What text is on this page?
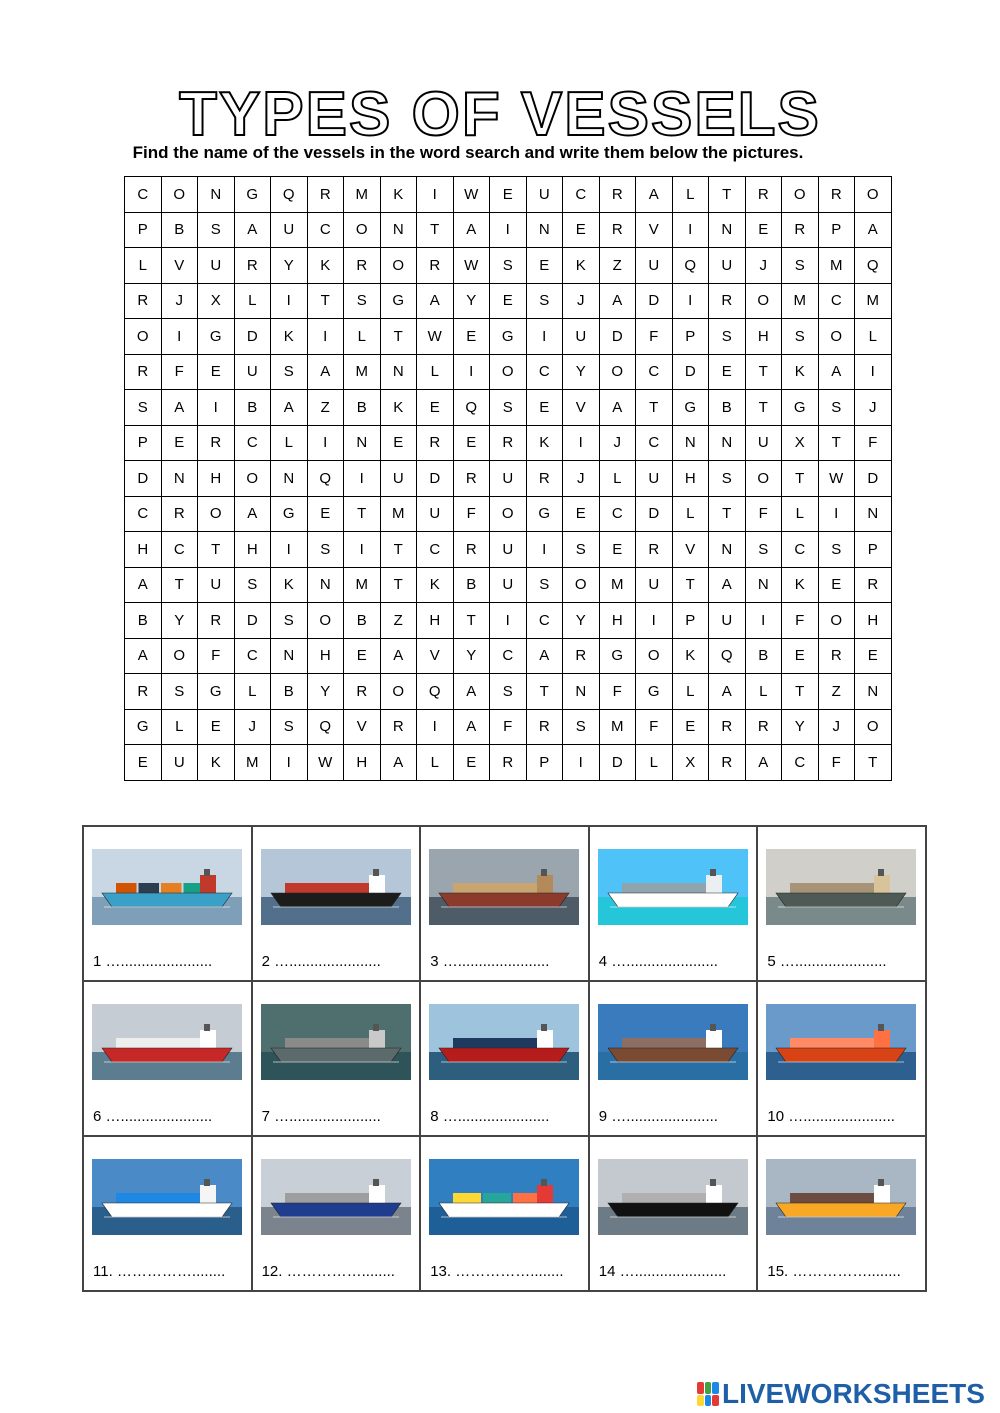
TYPES OF VESSELS
Find the name of the vessels in the word search and write them below the pictures.
C	O	N	G	Q	R	M	K	I	W	E	U	C	R	A	L	T	R	O	R	O
P	B	S	A	U	C	O	N	T	A	I	N	E	R	V	I	N	E	R	P	A
L	V	U	R	Y	K	R	O	R	W	S	E	K	Z	U	Q	U	J	S	M	Q
R	J	X	L	I	T	S	G	A	Y	E	S	J	A	D	I	R	O	M	C	M
O	I	G	D	K	I	L	T	W	E	G	I	U	D	F	P	S	H	S	O	L
R	F	E	U	S	A	M	N	L	I	O	C	Y	O	C	D	E	T	K	A	I
S	A	I	B	A	Z	B	K	E	Q	S	E	V	A	T	G	B	T	G	S	J
P	E	R	C	L	I	N	E	R	E	R	K	I	J	C	N	N	U	X	T	F
D	N	H	O	N	Q	I	U	D	R	U	R	J	L	U	H	S	O	T	W	D
C	R	O	A	G	E	T	M	U	F	O	G	E	C	D	L	T	F	L	I	N
H	C	T	H	I	S	I	T	C	R	U	I	S	E	R	V	N	S	C	S	P
A	T	U	S	K	N	M	T	K	B	U	S	O	M	U	T	A	N	K	E	R
B	Y	R	D	S	O	B	Z	H	T	I	C	Y	H	I	P	U	I	F	O	H
A	O	F	C	N	H	E	A	V	Y	C	A	R	G	O	K	Q	B	E	R	E
R	S	G	L	B	Y	R	O	Q	A	S	T	N	F	G	L	A	L	T	Z	N
G	L	E	J	S	Q	V	R	I	A	F	R	S	M	F	E	R	R	Y	J	O
E	U	K	M	I	W	H	A	L	E	R	P	I	D	L	X	R	A	C	F	T
1 …......................	2 …......................	3 …......................	4 …......................	5 …......................

6 …......................	7 …......................	8 …......................	9 …......................	10 …......................

11. ……………........	12. ……………........	13. ……………........	14 …......................	15. ……………........
LIVEWORKSHEETS
